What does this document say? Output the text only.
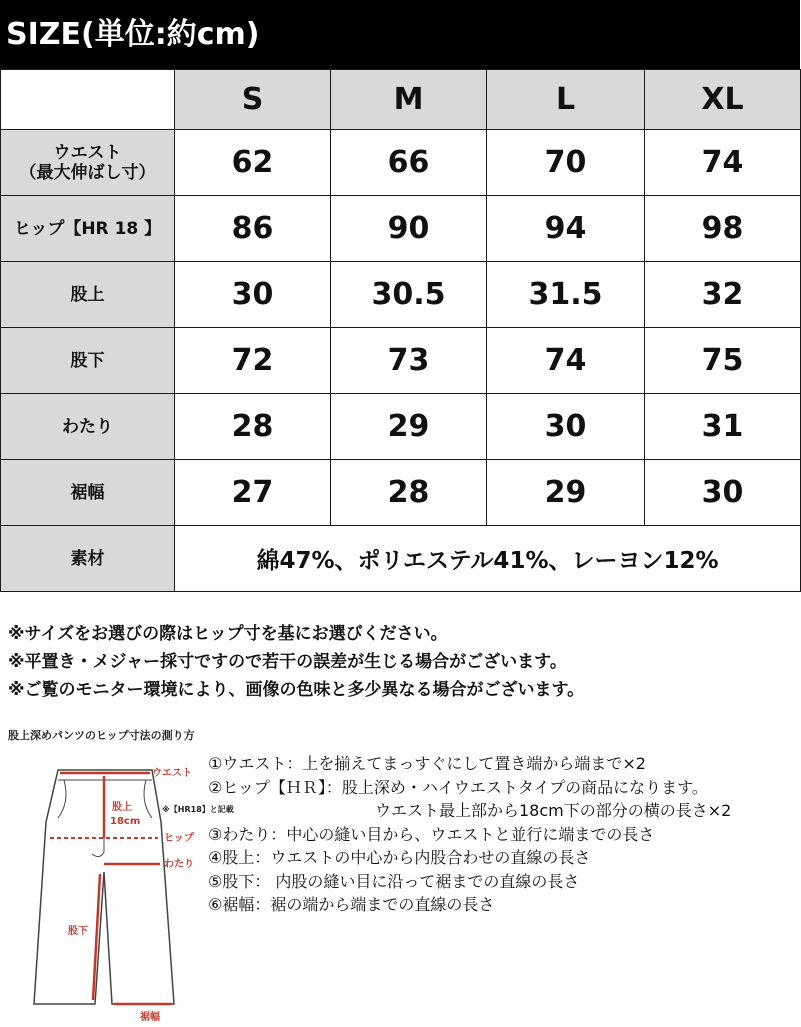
SIZE(単位:約cm)
	S	M	L	XL

ウエスト
（最大伸ばし寸）	62	66	70	74
ヒップ【HR 18 】	86	90	94	98
股上	30	30.5	31.5	32
股下	72	73	74	75
わたり	28	29	30	31
裾幅	27	28	29	30
素材	綿47%、ポリエステル41%、レーヨン12%			
※サイズをお選びの際はヒップ寸を基にお選びください。
※平置き・メジャー採寸ですので若干の誤差が生じる場合がございます。
※ご覧のモニター環境により、画像の色味と多少異なる場合がございます。
股上深めパンツのヒップ寸法の測り方
ウエスト
股上
18cm
※【HR18】と記載
ヒップ
わたり
股下
裾幅
①ウエスト：上を揃えてまっすぐにして置き端から端まで×2
②ヒップ【ＨＲ】：股上深め・ハイウエストタイプの商品になります。
ウエスト最上部から18cm下の部分の横の長さ×2
③わたり：中心の縫い目から、ウエストと並行に端までの長さ
④股上：ウエストの中心から内股合わせの直線の長さ
⑤股下： 内股の縫い目に沿って裾までの直線の長さ
⑥裾幅：裾の端から端までの直線の長さ
